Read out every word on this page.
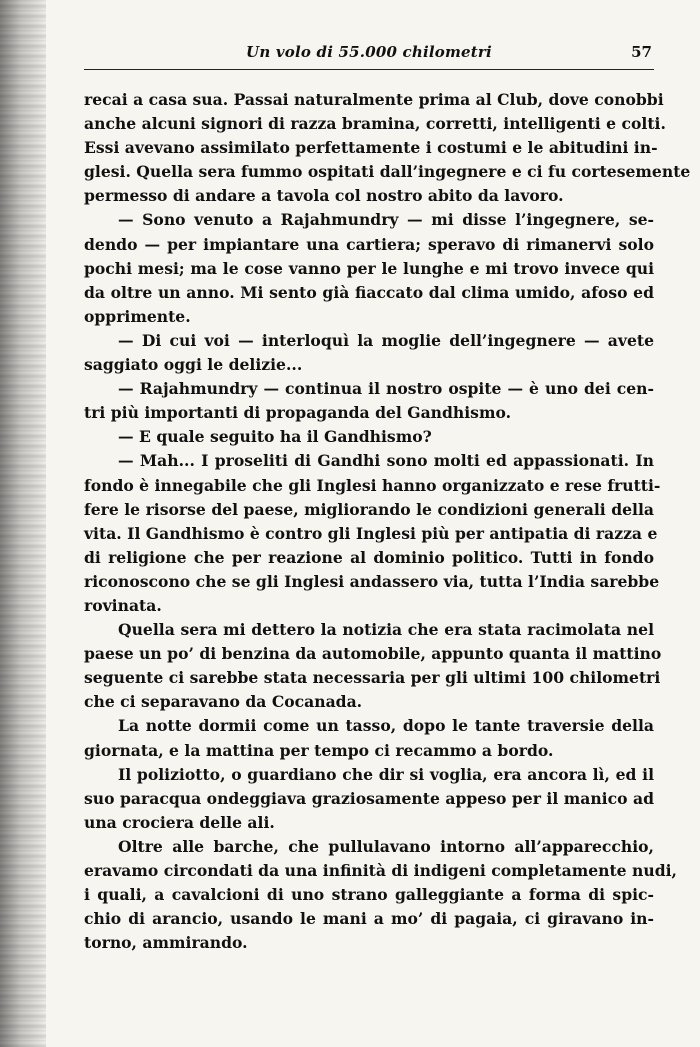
Un volo di 55.000 chilometri	57
recai a casa sua. Passai naturalmente prima al Club, dove conobbi
anche alcuni signori di razza bramina, corretti, intelligenti e colti.
Essi avevano assimilato perfettamente i costumi e le abitudini in-
glesi. Quella sera fummo ospitati dall’ingegnere e ci fu cortesemente
permesso di andare a tavola col nostro abito da lavoro.
— Sono venuto a Rajahmundry — mi disse l’ingegnere, se-
dendo — per impiantare una cartiera; speravo di rimanervi solo
pochi mesi; ma le cose vanno per le lunghe e mi trovo invece qui
da oltre un anno. Mi sento già fiaccato dal clima umido, afoso ed
opprimente.
— Di cui voi — interloquì la moglie dell’ingegnere — avete
saggiato oggi le delizie...
— Rajahmundry — continua il nostro ospite — è uno dei cen-
tri più importanti di propaganda del Gandhismo.
— E quale seguito ha il Gandhismo?
— Mah... I proseliti di Gandhi sono molti ed appassionati. In
fondo è innegabile che gli Inglesi hanno organizzato e rese frutti-
fere le risorse del paese, migliorando le condizioni generali della
vita. Il Gandhismo è contro gli Inglesi più per antipatia di razza e
di religione che per reazione al dominio politico. Tutti in fondo
riconoscono che se gli Inglesi andassero via, tutta l’India sarebbe
rovinata.
Quella sera mi dettero la notizia che era stata racimolata nel
paese un po’ di benzina da automobile, appunto quanta il mattino
seguente ci sarebbe stata necessaria per gli ultimi 100 chilometri
che ci separavano da Cocanada.
La notte dormii come un tasso, dopo le tante traversie della
giornata, e la mattina per tempo ci recammo a bordo.
Il poliziotto, o guardiano che dir si voglia, era ancora lì, ed il
suo paracqua ondeggiava graziosamente appeso per il manico ad
una crociera delle ali.
Oltre alle barche, che pullulavano intorno all’apparecchio,
eravamo circondati da una infinità di indigeni completamente nudi,
i quali, a cavalcioni di uno strano galleggiante a forma di spic-
chio di arancio, usando le mani a mo’ di pagaia, ci giravano in-
torno, ammirando.
